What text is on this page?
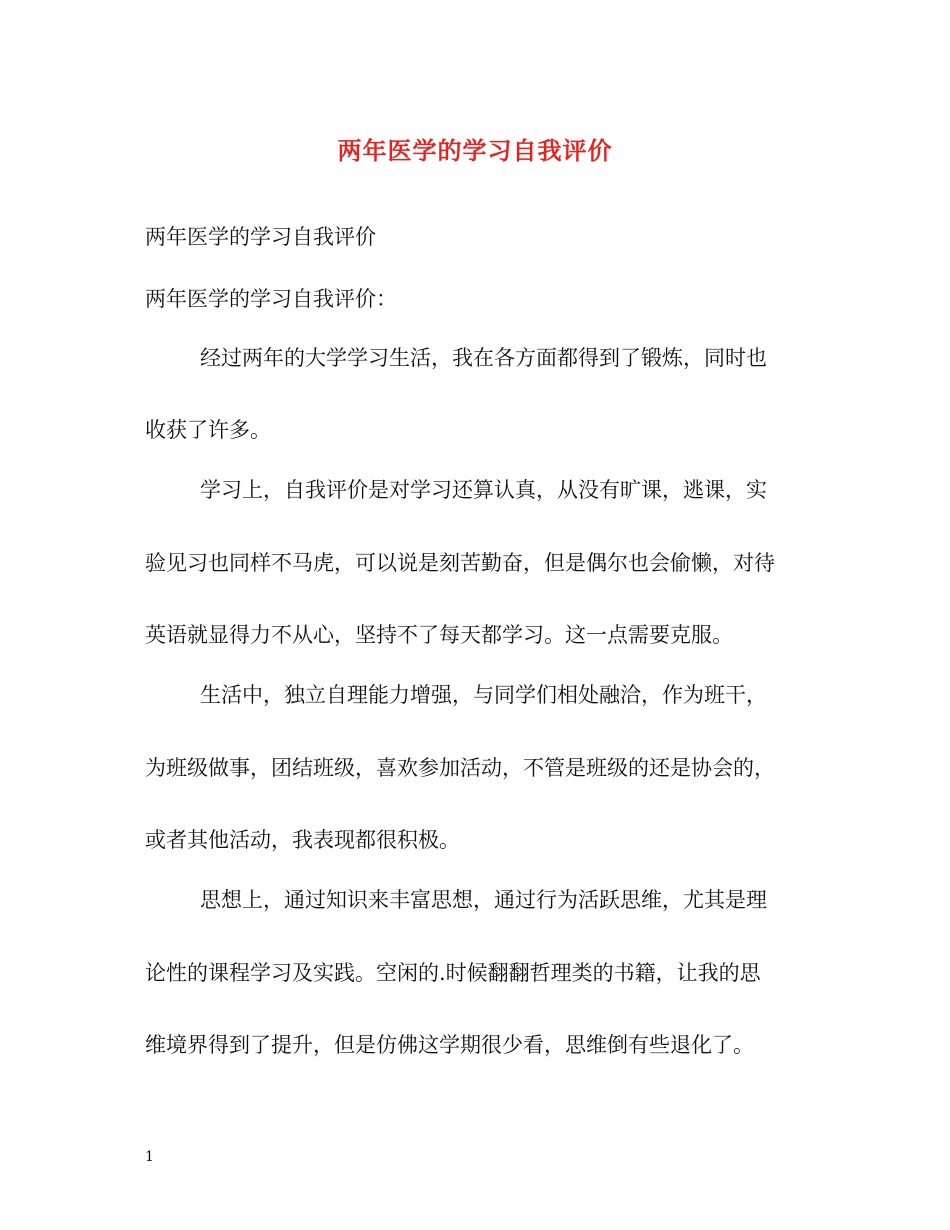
两年医学的学习自我评价
两年医学的学习自我评价
两年医学的学习自我评价：
经过两年的大学学习生活，我在各方面都得到了锻炼，同时也
收获了许多。
学习上，自我评价是对学习还算认真，从没有旷课，逃课，实
验见习也同样不马虎，可以说是刻苦勤奋，但是偶尔也会偷懒，对待
英语就显得力不从心，坚持不了每天都学习。这一点需要克服。
生活中，独立自理能力增强，与同学们相处融洽，作为班干，
为班级做事，团结班级，喜欢参加活动，不管是班级的还是协会的，
或者其他活动，我表现都很积极。
思想上，通过知识来丰富思想，通过行为活跃思维，尤其是理
论性的课程学习及实践。空闲的.时候翻翻哲理类的书籍，让我的思
维境界得到了提升，但是仿佛这学期很少看，思维倒有些退化了。
1
